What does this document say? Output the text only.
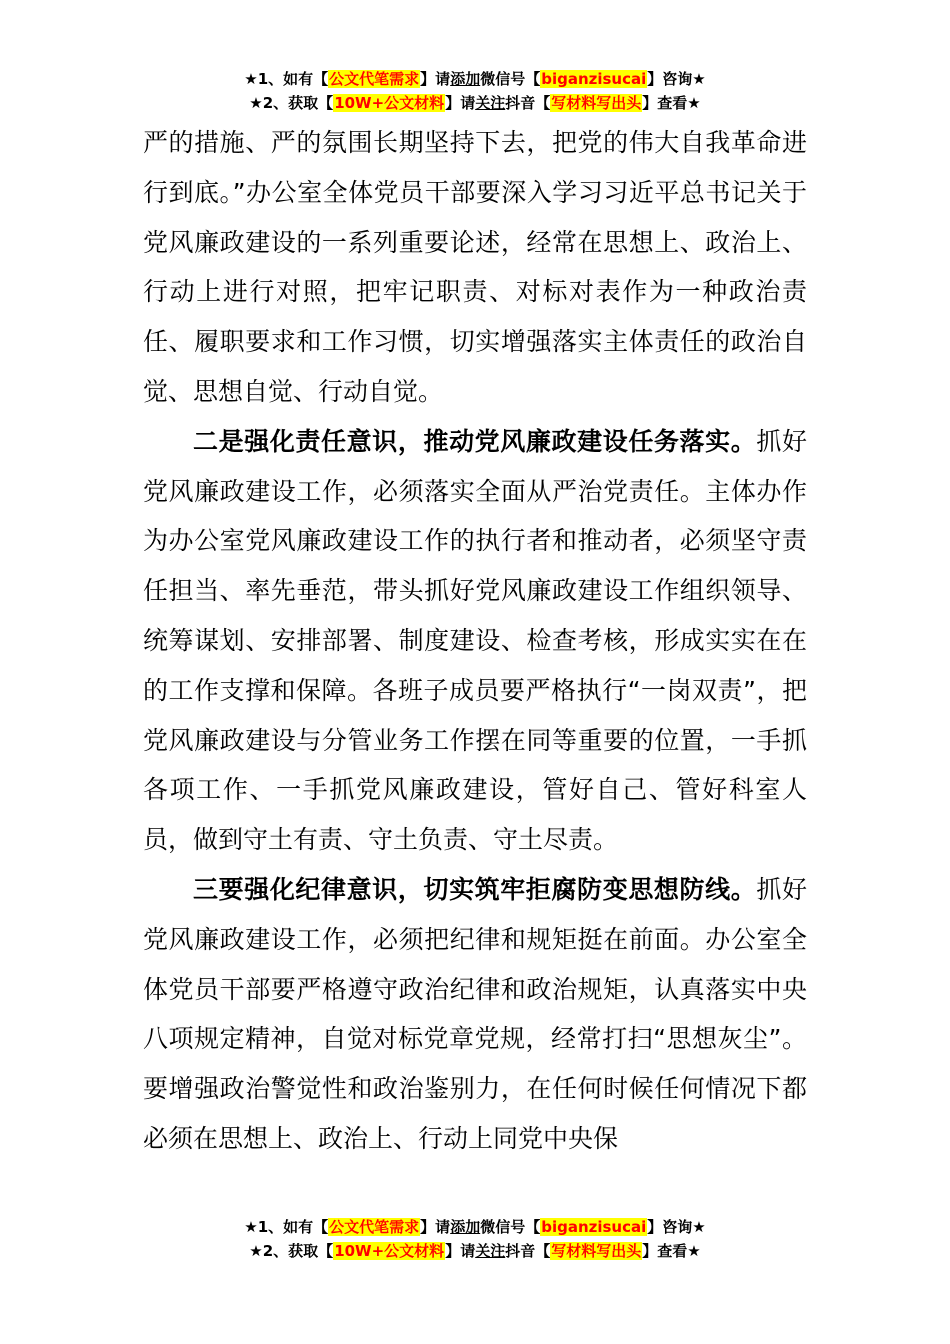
★1、如有【公文代笔需求】请添加微信号【biganzisucai】咨询★
★2、获取【10W+公文材料】请关注抖音【写材料写出头】查看★

严的措施、严的氛围长期坚持下去，把党的伟大自我革命进行到底。”办公室全体党员干部要深入学习习近平总书记关于党风廉政建设的一系列重要论述，经常在思想上、政治上、行动上进行对照，把牢记职责、对标对表作为一种政治责任、履职要求和工作习惯，切实增强落实主体责任的政治自觉、思想自觉、行动自觉。

二是强化责任意识，推动党风廉政建设任务落实。抓好党风廉政建设工作，必须落实全面从严治党责任。主体办作为办公室党风廉政建设工作的执行者和推动者，必须坚守责任担当、率先垂范，带头抓好党风廉政建设工作组织领导、统筹谋划、安排部署、制度建设、检查考核，形成实实在在的工作支撑和保障。各班子成员要严格执行“一岗双责”，把党风廉政建设与分管业务工作摆在同等重要的位置，一手抓各项工作、一手抓党风廉政建设，管好自己、管好科室人员，做到守土有责、守土负责、守土尽责。

三要强化纪律意识，切实筑牢拒腐防变思想防线。抓好党风廉政建设工作，必须把纪律和规矩挺在前面。办公室全体党员干部要严格遵守政治纪律和政治规矩，认真落实中央八项规定精神，自觉对标党章党规，经常打扫“思想灰尘”。要增强政治警觉性和政治鉴别力，在任何时候任何情况下都必须在思想上、政治上、行动上同党中央保

★1、如有【公文代笔需求】请添加微信号【biganzisucai】咨询★
★2、获取【10W+公文材料】请关注抖音【写材料写出头】查看★
